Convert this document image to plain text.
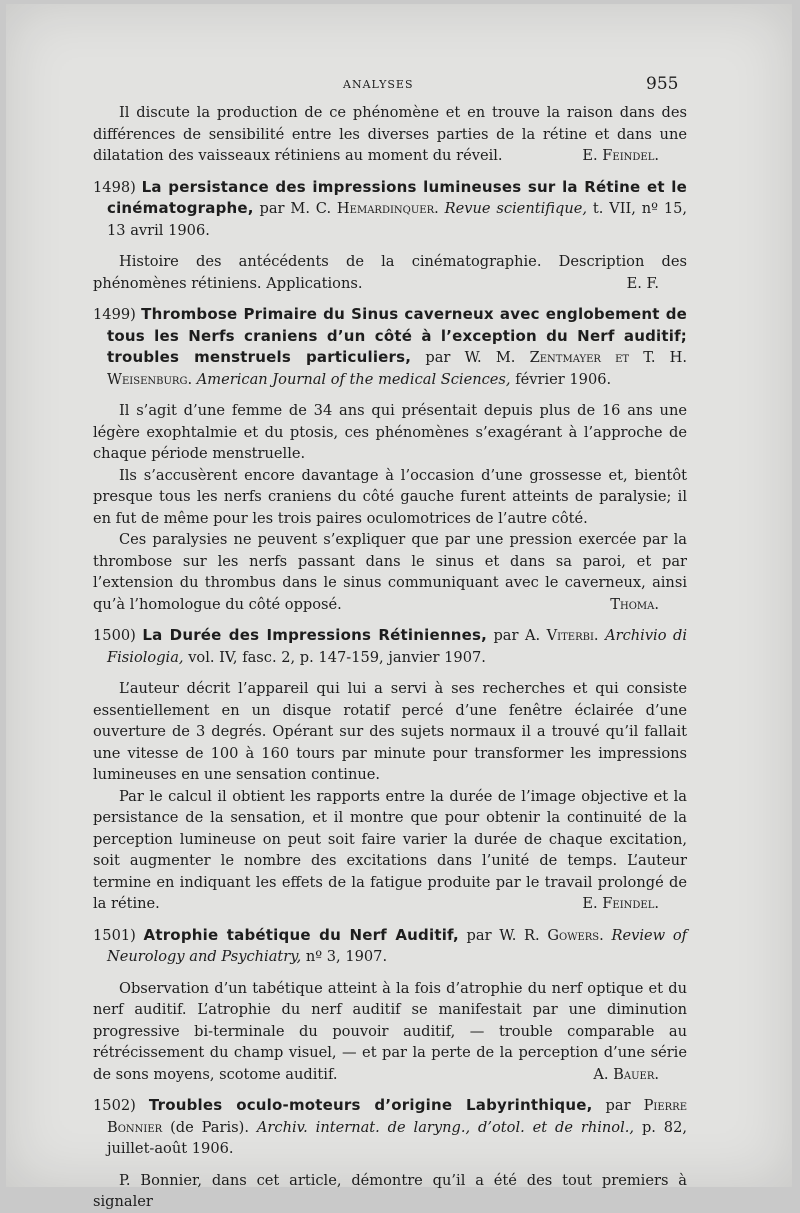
ANALYSES	955

Il discute la production de ce phénomène et en trouve la raison dans des différences de sensibilité entre les diverses parties de la rétine et dans une dilatation des vaisseaux rétiniens au moment du réveil.	E. Feindel.

1498) La persistance des impressions lumineuses sur la Rétine et le cinématographe, par M. C. Hemardinquer. Revue scientifique, t. VII, nº 15, 13 avril 1906.

Histoire des antécédents de la cinématographie. Description des phénomènes rétiniens. Applications.	E. F.

1499) Thrombose Primaire du Sinus caverneux avec englobement de tous les Nerfs craniens d’un côté à l’exception du Nerf auditif; troubles menstruels particuliers, par W. M. Zentmayer et T. H. Weisenburg. American Journal of the medical Sciences, février 1906.

Il s’agit d’une femme de 34 ans qui présentait depuis plus de 16 ans une légère exophtalmie et du ptosis, ces phénomènes s’exagérant à l’approche de chaque période menstruelle.

Ils s’accusèrent encore davantage à l’occasion d’une grossesse et, bientôt presque tous les nerfs craniens du côté gauche furent atteints de paralysie; il en fut de même pour les trois paires oculomotrices de l’autre côté.

Ces paralysies ne peuvent s’expliquer que par une pression exercée par la thrombose sur les nerfs passant dans le sinus et dans sa paroi, et par l’extension du thrombus dans le sinus communiquant avec le caverneux, ainsi qu’à l’homologue du côté opposé.	Thoma.

1500) La Durée des Impressions Rétiniennes, par A. Viterbi. Archivio di Fisiologia, vol. IV, fasc. 2, p. 147-159, janvier 1907.

L’auteur décrit l’appareil qui lui a servi à ses recherches et qui consiste essentiellement en un disque rotatif percé d’une fenêtre éclairée d’une ouverture de 3 degrés. Opérant sur des sujets normaux il a trouvé qu’il fallait une vitesse de 100 à 160 tours par minute pour transformer les impressions lumineuses en une sensation continue.

Par le calcul il obtient les rapports entre la durée de l’image objective et la persistance de la sensation, et il montre que pour obtenir la continuité de la perception lumineuse on peut soit faire varier la durée de chaque excitation, soit augmenter le nombre des excitations dans l’unité de temps. L’auteur termine en indiquant les effets de la fatigue produite par le travail prolongé de la rétine.	E. Feindel.

1501) Atrophie tabétique du Nerf Auditif, par W. R. Gowers. Review of Neurology and Psychiatry, nº 3, 1907.

Observation d’un tabétique atteint à la fois d’atrophie du nerf optique et du nerf auditif. L’atrophie du nerf auditif se manifestait par une diminution progressive bi-terminale du pouvoir auditif, — trouble comparable au rétrécissement du champ visuel, — et par la perte de la perception d’une série de sons moyens, scotome auditif.	A. Bauer.

1502) Troubles oculo-moteurs d’origine Labyrinthique, par Pierre Bonnier (de Paris). Archiv. internat. de laryng., d’otol. et de rhinol., p. 82, juillet-août 1906.

P. Bonnier, dans cet article, démontre qu’il a été des tout premiers à signaler
